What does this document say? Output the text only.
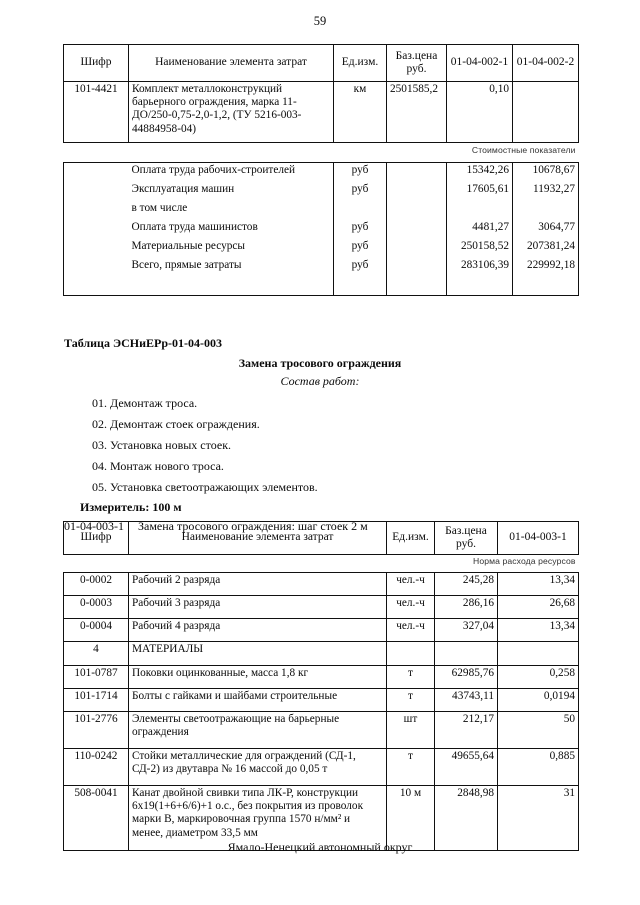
59
Шифр	Наименование элемента затрат	Ед.изм.	Баз.цена руб.	01-04-002-1	01-04-002-2
101-4421	Комплект металлоконструкций барьерного ограждения, марка 11-ДО/250-0,75-2,0-1,2, (ТУ 5216-003-44884958-04)	км	2501585,2	0,10	
Стоимостные показатели					
	Оплата труда рабочих-строителей	руб		15342,26	10678,67
	Эксплуатация машин	руб		17605,61	11932,27
	в том числе				
	Оплата труда машинистов	руб		4481,27	3064,77
	Материальные ресурсы	руб		250158,52	207381,24
	Всего, прямые затраты	руб		283106,39	229992,18

Таблица ЭСНиЕРр-01-04-003
Замена тросового ограждения
Состав работ:
01. Демонтаж троса.
02. Демонтаж стоек ограждения.
03. Установка новых стоек.
04. Монтаж нового троса.
05. Установка светоотражающих элементов.
Измеритель: 100 м
01-04-003-1 Замена тросового ограждения: шаг стоек 2 м
Шифр	Наименование элемента затрат	Ед.изм.	Баз.цена руб.	01-04-003-1
Норма расхода ресурсов				
0-0002	Рабочий 2 разряда	чел.-ч	245,28	13,34
0-0003	Рабочий 3 разряда	чел.-ч	286,16	26,68
0-0004	Рабочий 4 разряда	чел.-ч	327,04	13,34
4	МАТЕРИАЛЫ			
101-0787	Поковки оцинкованные, масса 1,8 кг	т	62985,76	0,258
101-1714	Болты с гайками и шайбами строительные	т	43743,11	0,0194
101-2776	Элементы светоотражающие на барьерные ограждения	шт	212,17	50
110-0242	Стойки металлические для ограждений (СД-1, СД-2) из двутавра № 16 массой до 0,05 т	т	49655,64	0,885
508-0041	Канат двойной свивки типа ЛК-Р, конструкции 6х19(1+6+6/6)+1 о.с., без покрытия из проволок марки В, маркировочная группа 1570 н/мм² и менее, диаметром 33,5 мм	10 м	2848,98	31
Ямало-Ненецкий автономный округ
